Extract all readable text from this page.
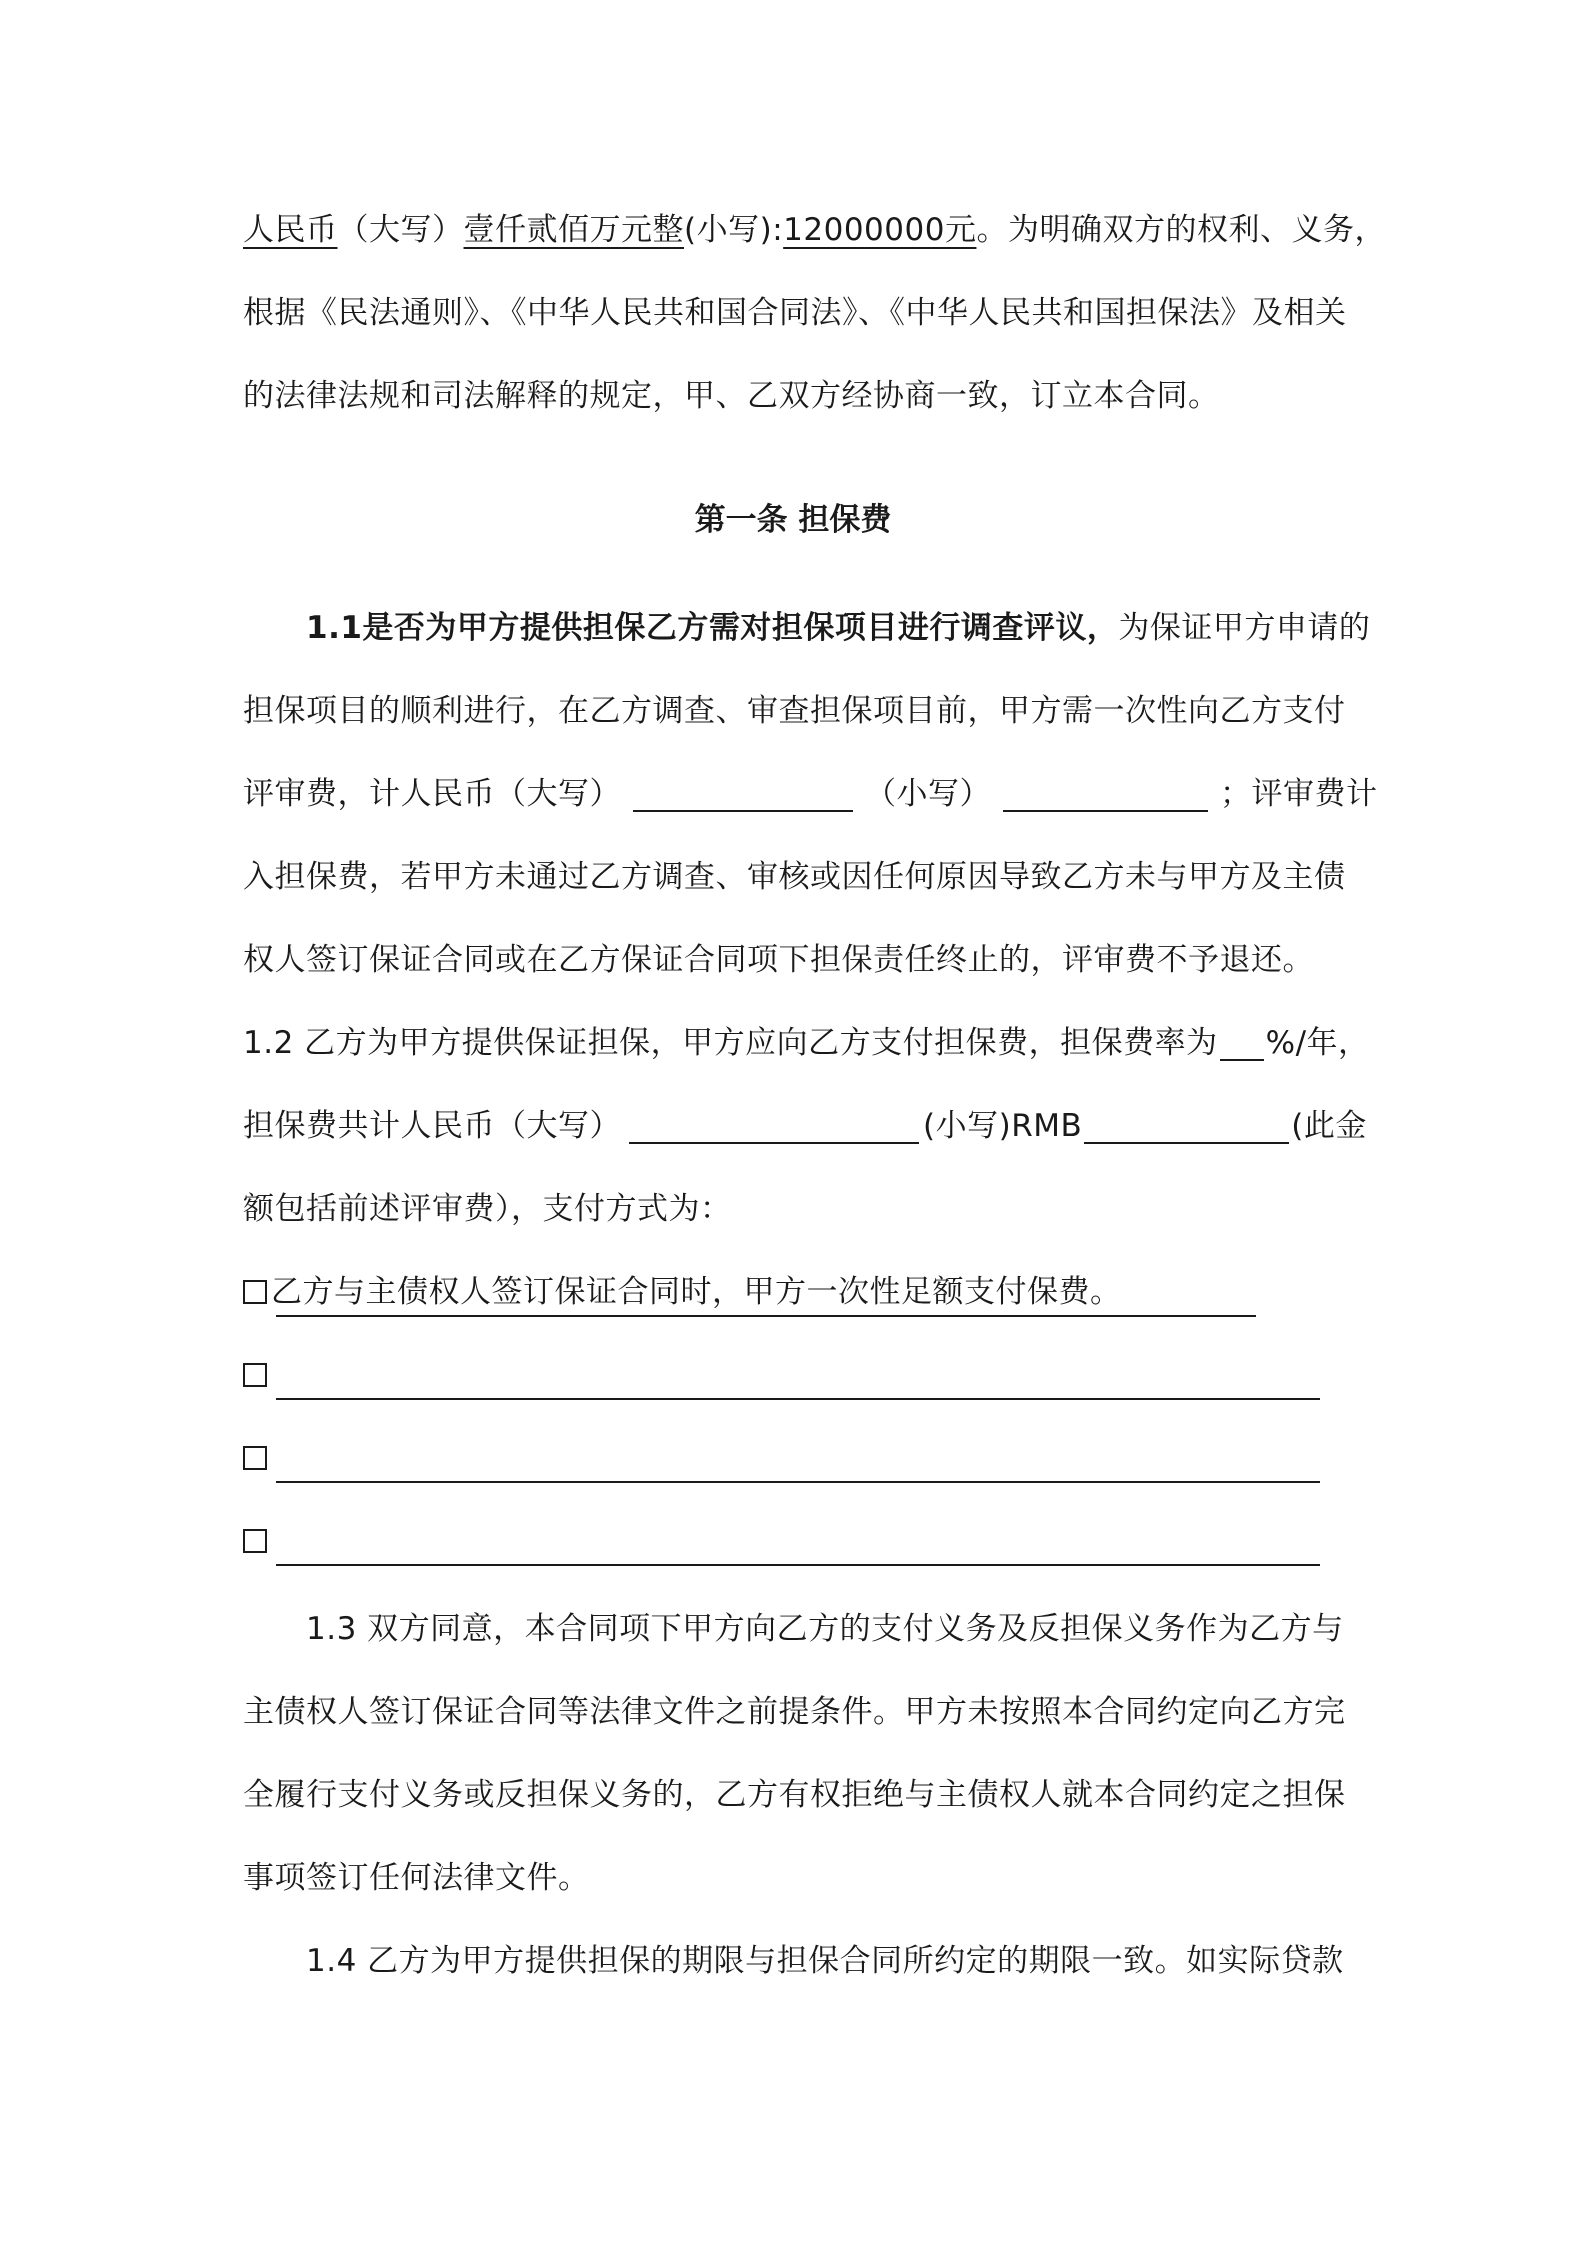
人民币（大写）壹仟贰佰万元整(小写):12000000元。为明确双方的权利、义务，
根据《民法通则》、《中华人民共和国合同法》、《中华人民共和国担保法》及相关
的法律法规和司法解释的规定，甲、乙双方经协商一致，订立本合同。
第一条 担保费
1.1是否为甲方提供担保乙方需对担保项目进行调查评议，为保证甲方申请的
担保项目的顺利进行，在乙方调查、审查担保项目前，甲方需一次性向乙方支付
评审费，计人民币（大写）	（小写）	；评审费计
入担保费，若甲方未通过乙方调查、审核或因任何原因导致乙方未与甲方及主债
权人签订保证合同或在乙方保证合同项下担保责任终止的，评审费不予退还。
1.2 乙方为甲方提供保证担保，甲方应向乙方支付担保费，担保费率为 %/年，
担保费共计人民币（大写）	(小写)RMB	(此金
额包括前述评审费），支付方式为：
乙方与主债权人签订保证合同时，甲方一次性足额支付保费。
1.3 双方同意，本合同项下甲方向乙方的支付义务及反担保义务作为乙方与
主债权人签订保证合同等法律文件之前提条件。甲方未按照本合同约定向乙方完
全履行支付义务或反担保义务的，乙方有权拒绝与主债权人就本合同约定之担保
事项签订任何法律文件。
1.4 乙方为甲方提供担保的期限与担保合同所约定的期限一致。如实际贷款
